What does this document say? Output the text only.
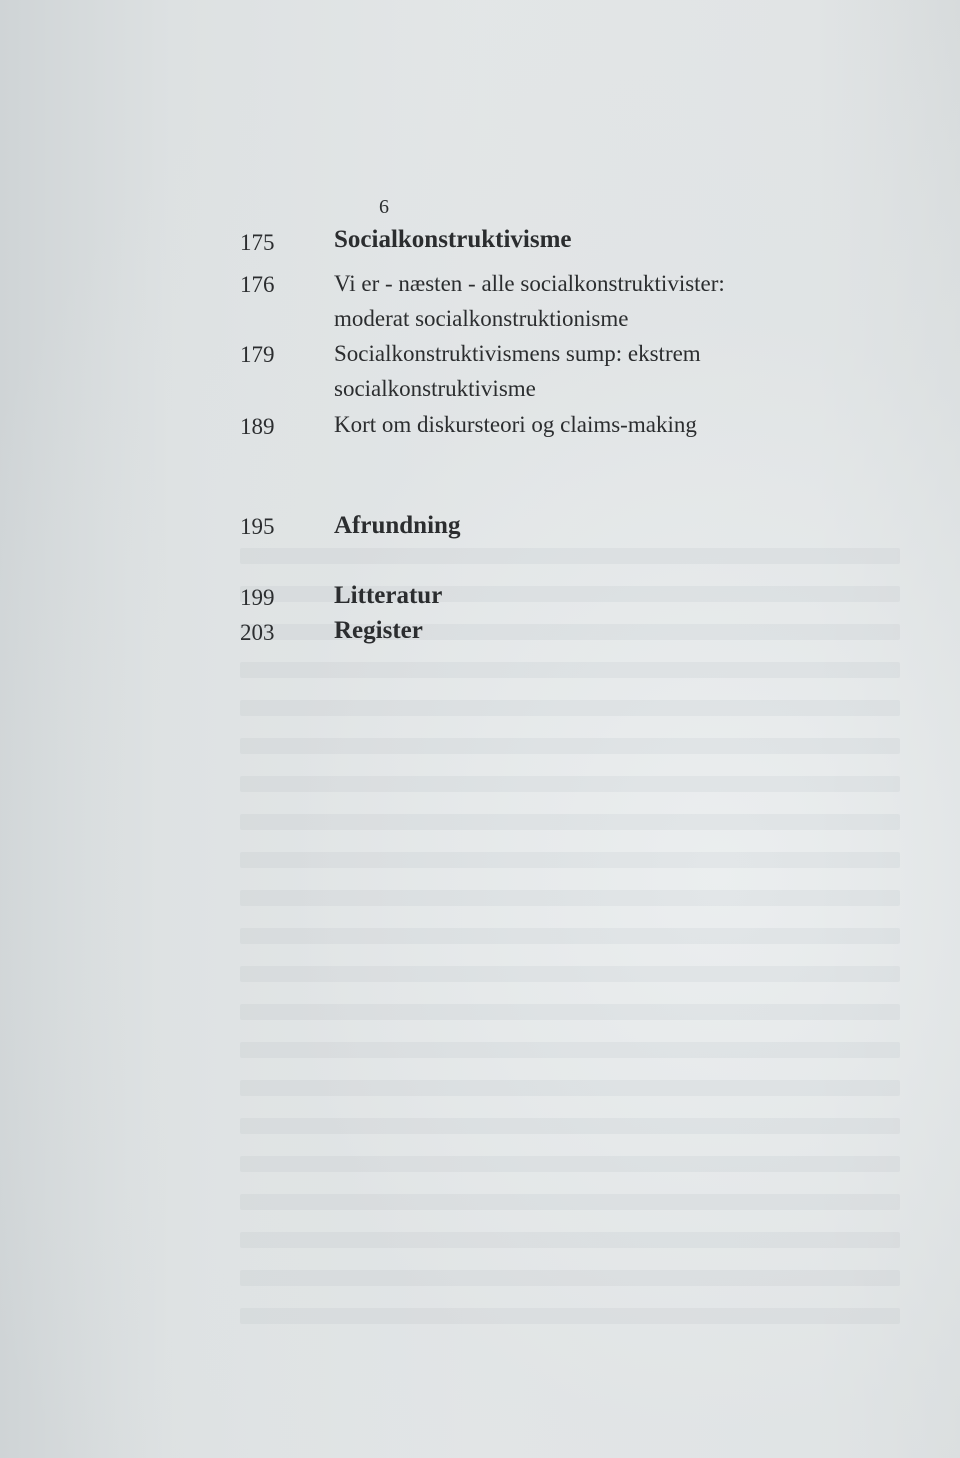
6
175 Socialkonstruktivisme
176	Vi er - næsten - alle socialkonstruktivister:
moderat socialkonstruktionisme
179	Socialkonstruktivismens sump: ekstrem
socialkonstruktivisme
189	Kort om diskursteori og claims-making
195 Afrundning
199 Litteratur
203 Register
